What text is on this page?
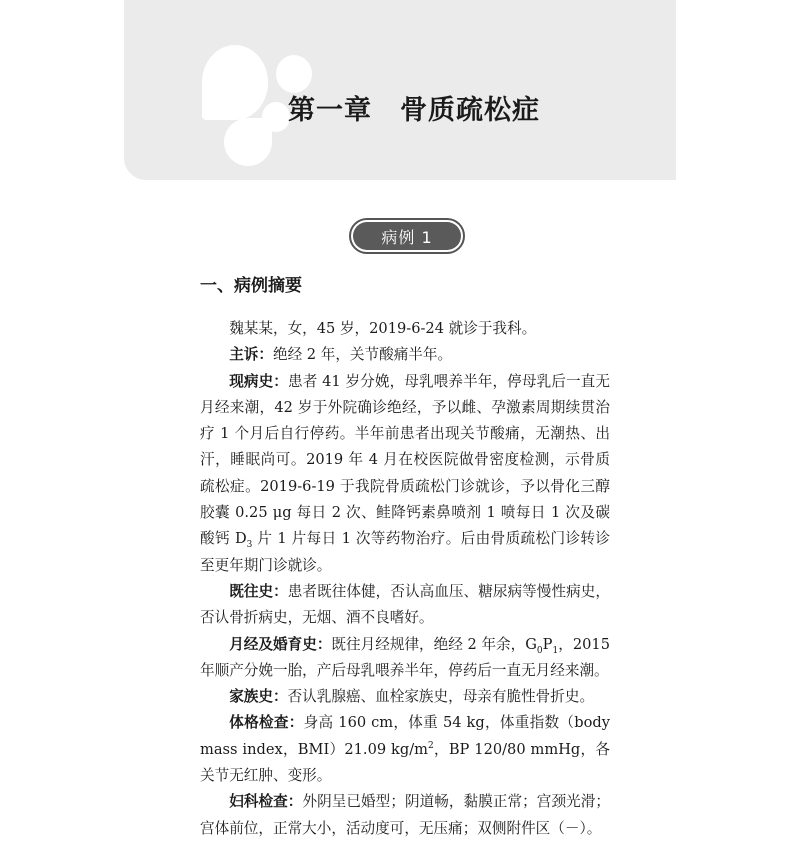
第一章　骨质疏松症
病例 1
一、病例摘要

魏某某，女，45 岁，2019-6-24 就诊于我科。

主诉：绝经 2 年，关节酸痛半年。

现病史：患者 41 岁分娩，母乳喂养半年，停母乳后一直无月经来潮，42 岁于外院确诊绝经，予以雌、孕激素周期续贯治疗 1 个月后自行停药。半年前患者出现关节酸痛，无潮热、出汗，睡眠尚可。2019 年 4 月在校医院做骨密度检测，示骨质疏松症。2019-6-19 于我院骨质疏松门诊就诊，予以骨化三醇胶囊 0.25 μg 每日 2 次、鲑降钙素鼻喷剂 1 喷每日 1 次及碳酸钙 $D_3$ 片 1 片每日 1 次等药物治疗。后由骨质疏松门诊转诊至更年期门诊就诊。

既往史：患者既往体健，否认高血压、糖尿病等慢性病史，否认骨折病史，无烟、酒不良嗜好。

月经及婚育史：既往月经规律，绝经 2 年余，$G_0P_1$，2015 年顺产分娩一胎，产后母乳喂养半年，停药后一直无月经来潮。

家族史：否认乳腺癌、血栓家族史，母亲有脆性骨折史。

体格检查：身高 160 cm，体重 54 kg，体重指数（body mass index，BMI）21.09 $kg/m^2$，BP 120/80 mmHg，各关节无红肿、变形。

妇科检查：外阴呈已婚型；阴道畅，黏膜正常；宫颈光滑；宫体前位，正常大小，活动度可，无压痛；双侧附件区（－）。
